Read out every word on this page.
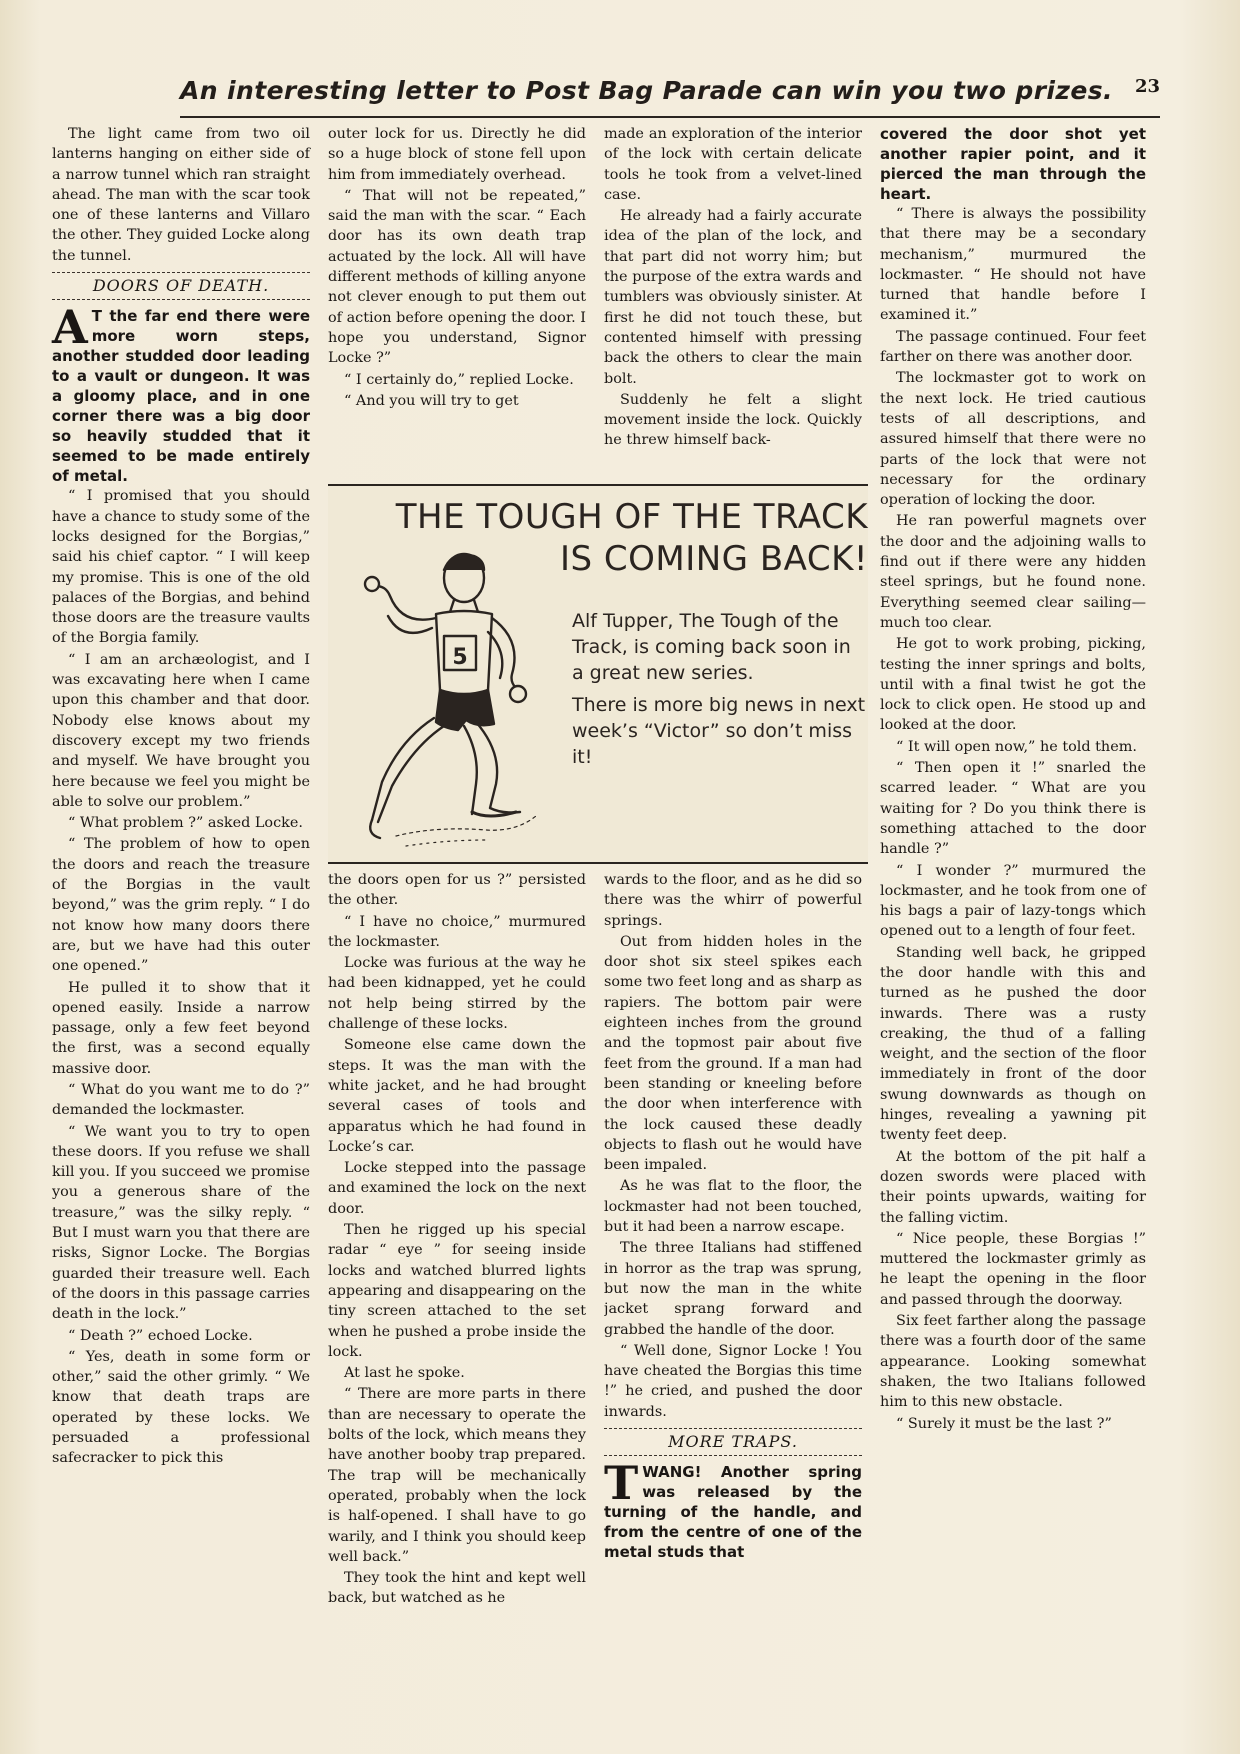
An interesting letter to Post Bag Parade can win you two prizes. 23

The light came from two oil lanterns hanging on either side of a narrow tunnel which ran straight ahead. The man with the scar took one of these lanterns and Villaro the other. They guided Locke along the tunnel.

DOORS OF DEATH.
A T the far end there were more worn steps, another studded door leading to a vault or dungeon. It was a gloomy place, and in one corner there was a big door so heavily studded that it seemed to be made entirely of metal.

“ I promised that you should have a chance to study some of the locks designed for the Borgias,” said his chief captor. “ I will keep my promise. This is one of the old palaces of the Borgias, and behind those doors are the treasure vaults of the Borgia family.

“ I am an archæologist, and I was excavating here when I came upon this chamber and that door. Nobody else knows about my discovery except my two friends and myself. We have brought you here because we feel you might be able to solve our problem.”

“ What problem ?” asked Locke.

“ The problem of how to open the doors and reach the treasure of the Borgias in the vault beyond,” was the grim reply. “ I do not know how many doors there are, but we have had this outer one opened.”

He pulled it to show that it opened easily. Inside a narrow passage, only a few feet beyond the first, was a second equally massive door.

“ What do you want me to do ?” demanded the lockmaster.

“ We want you to try to open these doors. If you refuse we shall kill you. If you succeed we promise you a generous share of the treasure,” was the silky reply. “ But I must warn you that there are risks, Signor Locke. The Borgias guarded their treasure well. Each of the doors in this passage carries death in the lock.”

“ Death ?” echoed Locke.

“ Yes, death in some form or other,” said the other grimly. “ We know that death traps are operated by these locks. We persuaded a professional safecracker to pick this

outer lock for us. Directly he did so a huge block of stone fell upon him from immediately overhead.

“ That will not be repeated,” said the man with the scar. “ Each door has its own death trap actuated by the lock. All will have different methods of killing anyone not clever enough to put them out of action before opening the door. I hope you understand, Signor Locke ?”

“ I certainly do,” replied Locke.

“ And you will try to get

made an exploration of the interior of the lock with certain delicate tools he took from a velvet-lined case.

He already had a fairly accurate idea of the plan of the lock, and that part did not worry him; but the purpose of the extra wards and tumblers was obviously sinister. At first he did not touch these, but contented himself with pressing back the others to clear the main bolt.

Suddenly he felt a slight movement inside the lock. Quickly he threw himself back-

THE TOUGH OF THE TRACK
IS COMING BACK!
5

Alf Tupper, The Tough of the Track, is coming back soon in a great new series.

There is more big news in next week’s “Victor” so don’t miss it!

the doors open for us ?” persisted the other.

“ I have no choice,” murmured the lockmaster.

Locke was furious at the way he had been kidnapped, yet he could not help being stirred by the challenge of these locks.

Someone else came down the steps. It was the man with the white jacket, and he had brought several cases of tools and apparatus which he had found in Locke’s car.

Locke stepped into the passage and examined the lock on the next door.

Then he rigged up his special radar “ eye ” for seeing inside locks and watched blurred lights appearing and disappearing on the tiny screen attached to the set when he pushed a probe inside the lock.

At last he spoke.

“ There are more parts in there than are necessary to operate the bolts of the lock, which means they have another booby trap prepared. The trap will be mechanically operated, probably when the lock is half-opened. I shall have to go warily, and I think you should keep well back.”

They took the hint and kept well back, but watched as he

wards to the floor, and as he did so there was the whirr of powerful springs.

Out from hidden holes in the door shot six steel spikes each some two feet long and as sharp as rapiers. The bottom pair were eighteen inches from the ground and the topmost pair about five feet from the ground. If a man had been standing or kneeling before the door when interference with the lock caused these deadly objects to flash out he would have been impaled.

As he was flat to the floor, the lockmaster had not been touched, but it had been a narrow escape.

The three Italians had stiffened in horror as the trap was sprung, but now the man in the white jacket sprang forward and grabbed the handle of the door.

“ Well done, Signor Locke ! You have cheated the Borgias this time !” he cried, and pushed the door inwards.

MORE TRAPS.
TWANG! Another spring was released by the turning of the handle, and from the centre of one of the metal studs that
covered the door shot yet another rapier point, and it pierced the man through the heart.

“ There is always the possibility that there may be a secondary mechanism,” murmured the lockmaster. “ He should not have turned that handle before I examined it.”

The passage continued. Four feet farther on there was another door.

The lockmaster got to work on the next lock. He tried cautious tests of all descriptions, and assured himself that there were no parts of the lock that were not necessary for the ordinary operation of locking the door.

He ran powerful magnets over the door and the adjoining walls to find out if there were any hidden steel springs, but he found none. Everything seemed clear sailing—much too clear.

He got to work probing, picking, testing the inner springs and bolts, until with a final twist he got the lock to click open. He stood up and looked at the door.

“ It will open now,” he told them.

“ Then open it !” snarled the scarred leader. “ What are you waiting for ? Do you think there is something attached to the door handle ?”

“ I wonder ?” murmured the lockmaster, and he took from one of his bags a pair of lazy-tongs which opened out to a length of four feet.

Standing well back, he gripped the door handle with this and turned as he pushed the door inwards. There was a rusty creaking, the thud of a falling weight, and the section of the floor immediately in front of the door swung downwards as though on hinges, revealing a yawning pit twenty feet deep.

At the bottom of the pit half a dozen swords were placed with their points upwards, waiting for the falling victim.

“ Nice people, these Borgias !” muttered the lockmaster grimly as he leapt the opening in the floor and passed through the doorway.

Six feet farther along the passage there was a fourth door of the same appearance. Looking somewhat shaken, the two Italians followed him to this new obstacle.

“ Surely it must be the last ?”
